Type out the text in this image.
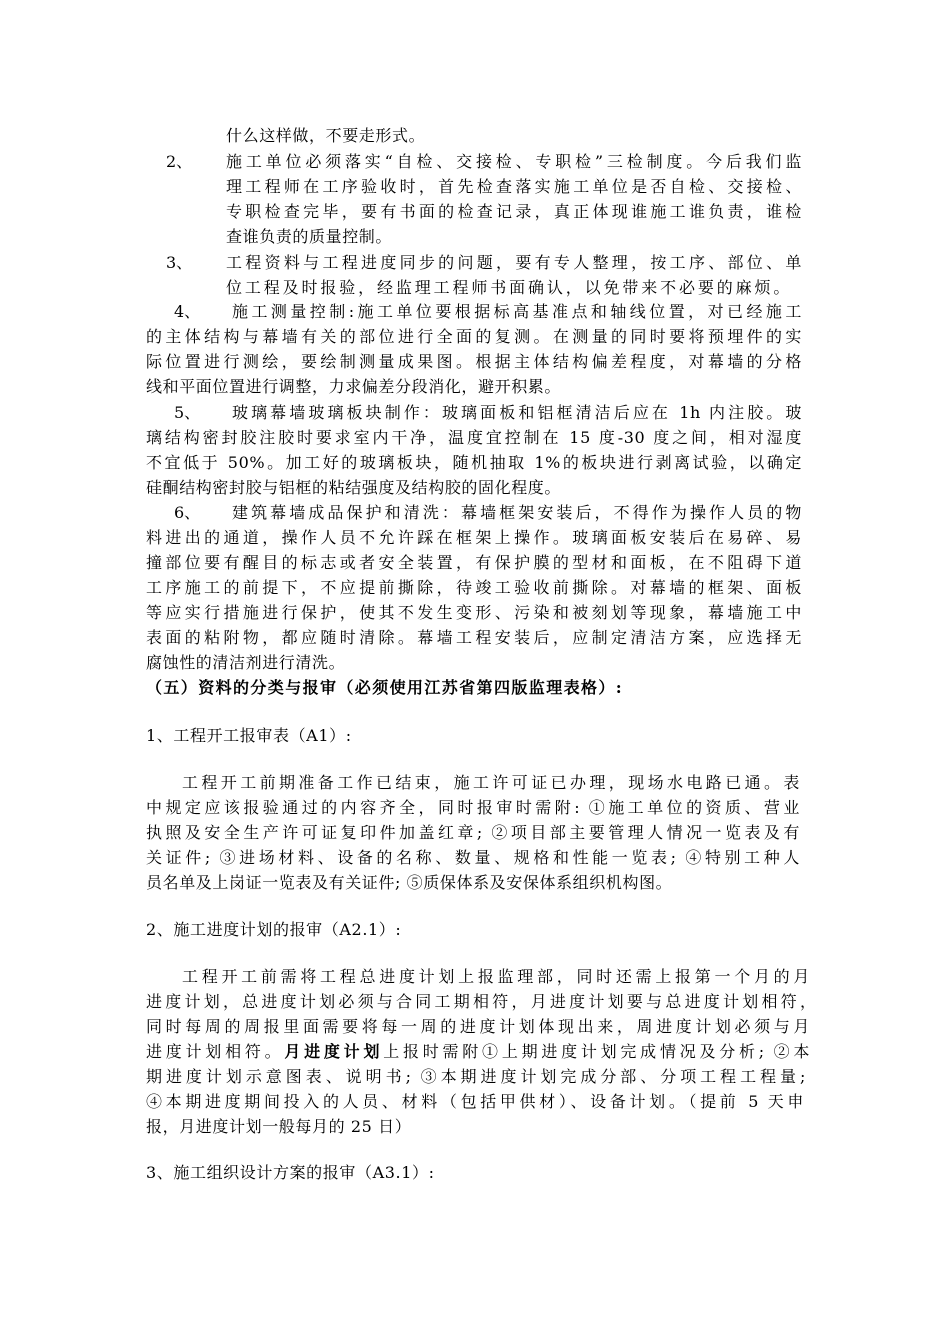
什么这样做，不要走形式。
2、 施工单位必须落实“自检、交接检、专职检”三检制度。今后我们监
理工程师在工序验收时，首先检查落实施工单位是否自检、交接检、
专职检查完毕，要有书面的检查记录，真正体现谁施工谁负责，谁检
查谁负责的质量控制。
3、 工程资料与工程进度同步的问题，要有专人整理，按工序、部位、单
位工程及时报验，经监理工程师书面确认，以免带来不必要的麻烦。
4、 施工测量控制:施工单位要根据标高基准点和轴线位置，对已经施工
的主体结构与幕墙有关的部位进行全面的复测。在测量的同时要将预埋件的实
际位置进行测绘，要绘制测量成果图。根据主体结构偏差程度，对幕墙的分格
线和平面位置进行调整，力求偏差分段消化，避开积累。
5、 玻璃幕墙玻璃板块制作：玻璃面板和铝框清洁后应在 1h 内注胶。玻
璃结构密封胶注胶时要求室内干净，温度宜控制在 15 度-30 度之间，相对湿度
不宜低于 50%。加工好的玻璃板块，随机抽取 1%的板块进行剥离试验，以确定
硅酮结构密封胶与铝框的粘结强度及结构胶的固化程度。
6、 建筑幕墙成品保护和清洗：幕墙框架安装后，不得作为操作人员的物
料进出的通道，操作人员不允许踩在框架上操作。玻璃面板安装后在易碎、易
撞部位要有醒目的标志或者安全装置，有保护膜的型材和面板，在不阻碍下道
工序施工的前提下，不应提前撕除，待竣工验收前撕除。对幕墙的框架、面板
等应实行措施进行保护，使其不发生变形、污染和被刻划等现象，幕墙施工中
表面的粘附物，都应随时清除。幕墙工程安装后，应制定清洁方案，应选择无
腐蚀性的清洁剂进行清洗。
（五）资料的分类与报审（必须使用江苏省第四版监理表格）:
1、工程开工报审表（A1）:
工程开工前期准备工作已结束，施工许可证已办理，现场水电路已通。表
中规定应该报验通过的内容齐全，同时报审时需附: ①施工单位的资质、营业
执照及安全生产许可证复印件加盖红章; ②项目部主要管理人情况一览表及有
关证件; ③进场材料、设备的名称、数量、规格和性能一览表; ④特别工种人
员名单及上岗证一览表及有关证件; ⑤质保体系及安保体系组织机构图。
2、施工进度计划的报审（A2.1）:
工程开工前需将工程总进度计划上报监理部，同时还需上报第一个月的月
进度计划，总进度计划必须与合同工期相符，月进度计划要与总进度计划相符，
同时每周的周报里面需要将每一周的进度计划体现出来，周进度计划必须与月
进度计划相符。月进度计划上报时需附①上期进度计划完成情况及分析; ②本
期进度计划示意图表、说明书; ③本期进度计划完成分部、分项工程工程量;
④本期进度期间投入的人员、材料（包括甲供材）、设备计划。（提前 5 天申
报，月进度计划一般每月的 25 日）
3、施工组织设计方案的报审（A3.1）:
